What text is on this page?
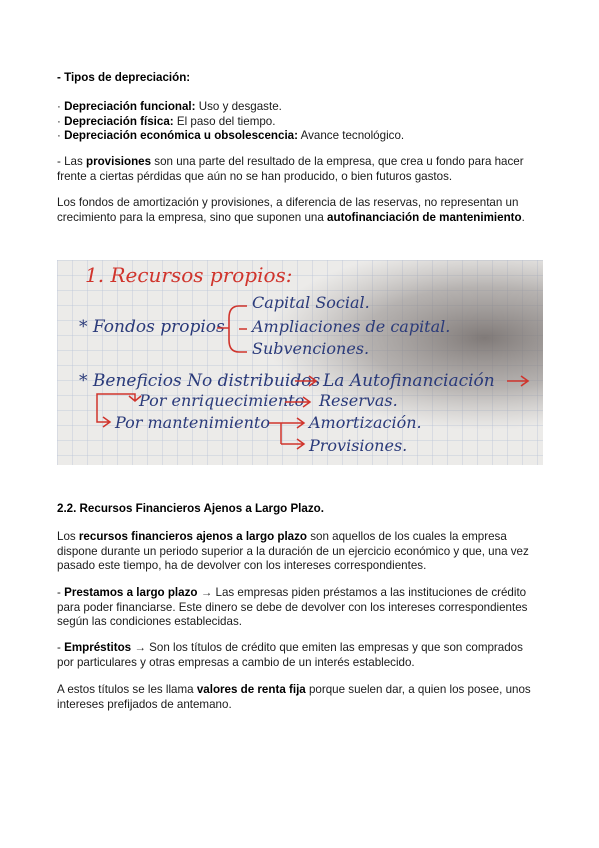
- Tipos de depreciación:

· Depreciación funcional: Uso y desgaste.
· Depreciación física: El paso del tiempo.
· Depreciación económica u obsolescencia: Avance tecnológico.

- Las provisiones son una parte del resultado de la empresa, que crea u fondo para hacer frente a ciertas pérdidas que aún no se han producido, o bien futuros gastos.

Los fondos de amortización y provisiones, a diferencia de las reservas, no representan un crecimiento para la empresa, sino que suponen una autofinanciación de mantenimiento.

1. Recursos propios:
* Fondos propios
Capital Social.
Ampliaciones de capital.
Subvenciones.
* Beneficios No distribuidos La Autofinanciación
Por enriquecimiento Reservas.
Por mantenimiento Amortización.
Provisiones.

2.2. Recursos Financieros Ajenos a Largo Plazo.

Los recursos financieros ajenos a largo plazo son aquellos de los cuales la empresa dispone durante un periodo superior a la duración de un ejercicio económico y que, una vez pasado este tiempo, ha de devolver con los intereses correspondientes.

- Prestamos a largo plazo → Las empresas piden préstamos a las instituciones de crédito para poder financiarse. Este dinero se debe de devolver con los intereses correspondientes según las condiciones establecidas.

- Empréstitos → Son los títulos de crédito que emiten las empresas y que son comprados por particulares y otras empresas a cambio de un interés establecido.

A estos títulos se les llama valores de renta fija porque suelen dar, a quien los posee, unos intereses prefijados de antemano.
